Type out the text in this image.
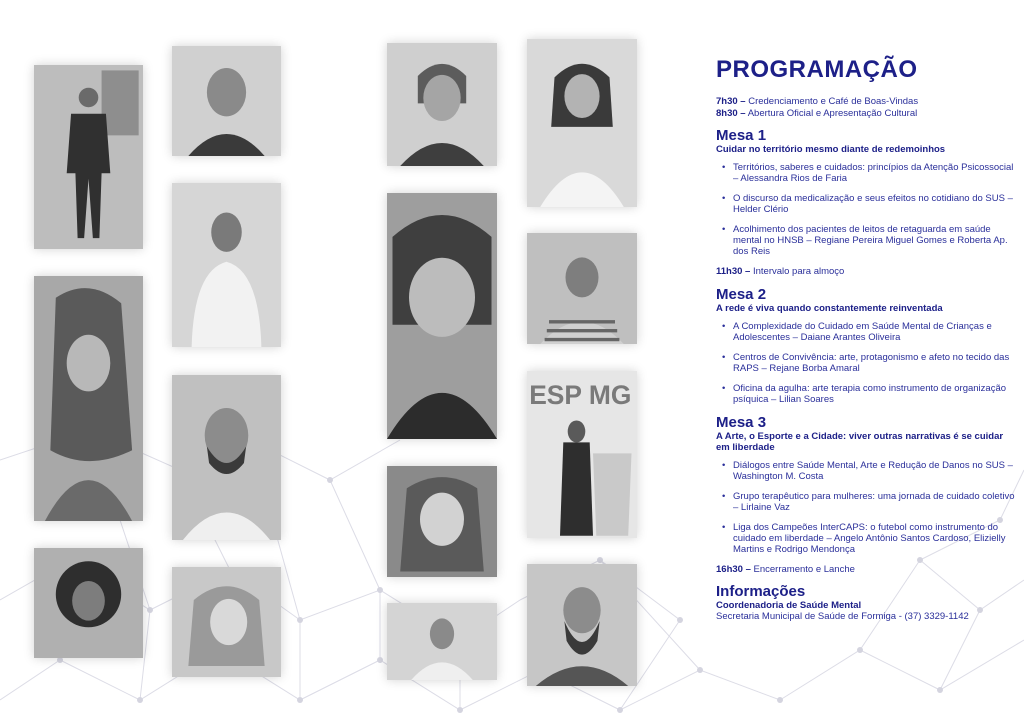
ESP MG
PROGRAMAÇÃO
7h30 – Credenciamento e Café de Boas-Vindas
8h30 – Abertura Oficial e Apresentação Cultural
Mesa 1
Cuidar no território mesmo diante de redemoinhos
• Territórios, saberes e cuidados: princípios da Atenção Psicossocial – Alessandra Rios de Faria
• O discurso da medicalização e seus efeitos no cotidiano do SUS – Helder Clério
• Acolhimento dos pacientes de leitos de retaguarda em saúde mental no HNSB – Regiane Pereira Miguel Gomes e Roberta Ap. dos Reis
11h30 – Intervalo para almoço
Mesa 2
A rede é viva quando constantemente reinventada
• A Complexidade do Cuidado em Saúde Mental de Crianças e Adolescentes – Daiane Arantes Oliveira
• Centros de Convivência: arte, protagonismo e afeto no tecido das RAPS – Rejane Borba Amaral
• Oficina da agulha: arte terapia como instrumento de organização psíquica – Lilian Soares
Mesa 3
A Arte, o Esporte e a Cidade: viver outras narrativas é se cuidar em liberdade
• Diálogos entre Saúde Mental, Arte e Redução de Danos no SUS – Washington M. Costa
• Grupo terapêutico para mulheres: uma jornada de cuidado coletivo – Lirlaine Vaz
• Liga dos Campeões InterCAPS: o futebol como instrumento do cuidado em liberdade – Angelo Antônio Santos Cardoso, Elizielly Martins e Rodrigo Mendonça
16h30 – Encerramento e Lanche
Informações
Coordenadoria de Saúde Mental
Secretaria Municipal de Saúde de Formiga - (37) 3329-1142
